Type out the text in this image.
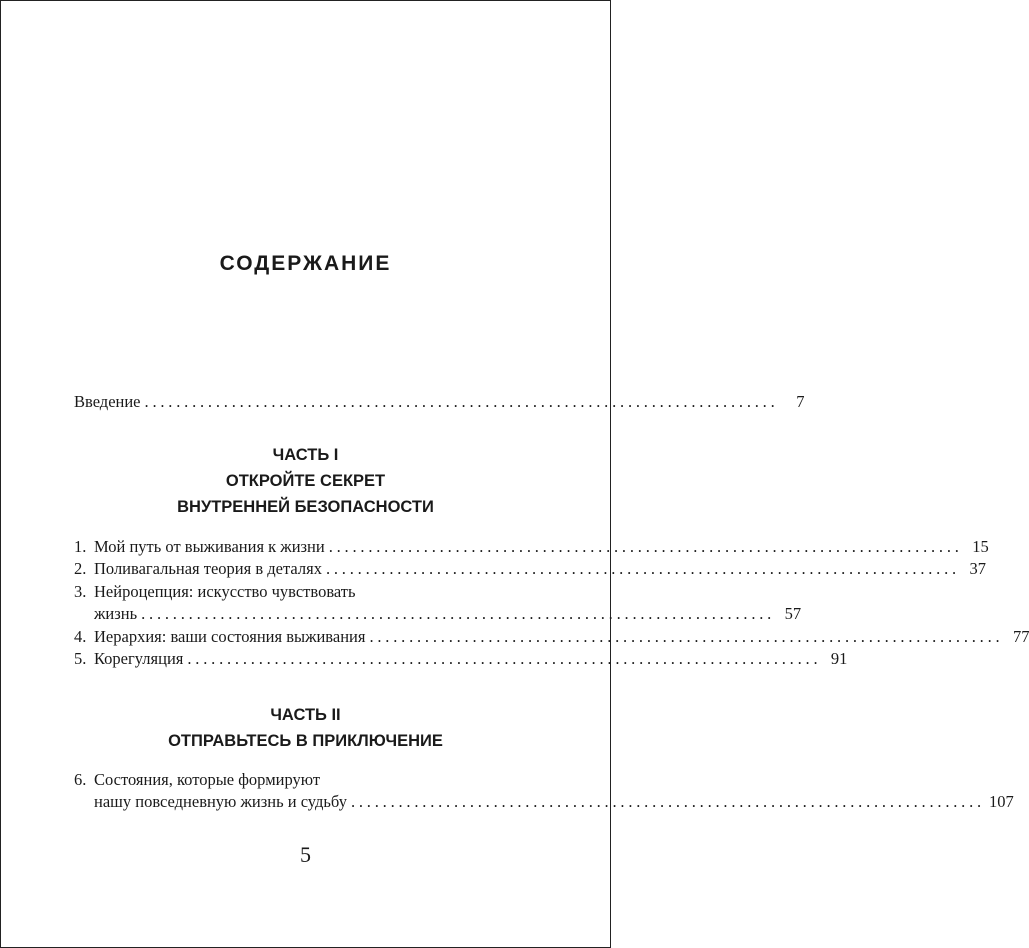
СОДЕРЖАНИЕ
Введение ................................................................................	7
ЧАСТЬ I
ОТКРОЙТЕ СЕКРЕТ
ВНУТРЕННЕЙ БЕЗОПАСНОСТИ
1. Мой путь от выживания к жизни ................................................................................ 15
2. Поливагальная теория в деталях ................................................................................ 37
3. Нейроцепция: искусство чувствовать
жизнь ................................................................................ 57
4. Иерархия: ваши состояния выживания ................................................................................ 77
5. Корегуляция ................................................................................ 91
ЧАСТЬ II
ОТПРАВЬТЕСЬ В ПРИКЛЮЧЕНИЕ
6. Состояния, которые формируют
нашу повседневную жизнь и судьбу ................................................................................ 107
5
